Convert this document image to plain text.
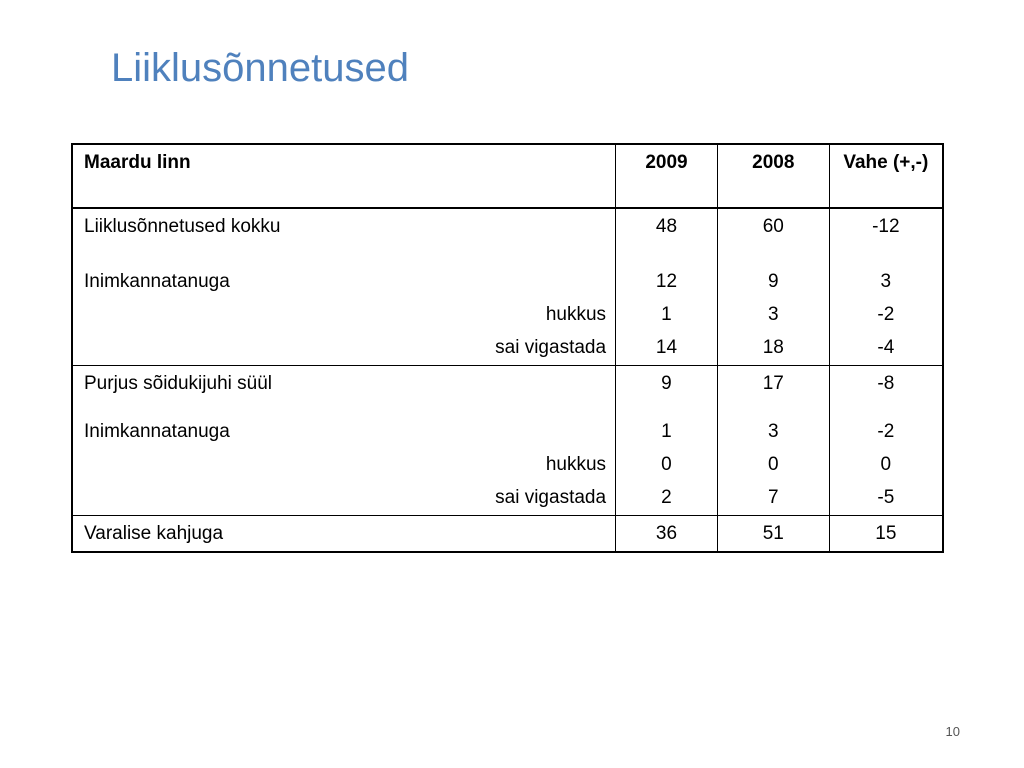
Liiklusõnnetused
Maardu linn	2009	2008	Vahe (+,-)
Liiklusõnnetused kokku	48	60	-12
Inimkannatanuga	12	9	3
hukkus	1	3	-2
sai vigastada	14	18	-4
Purjus sõidukijuhi süül	9	17	-8
Inimkannatanuga	1	3	-2
hukkus	0	0	0
sai vigastada	2	7	-5
Varalise kahjuga	36	51	15
10
